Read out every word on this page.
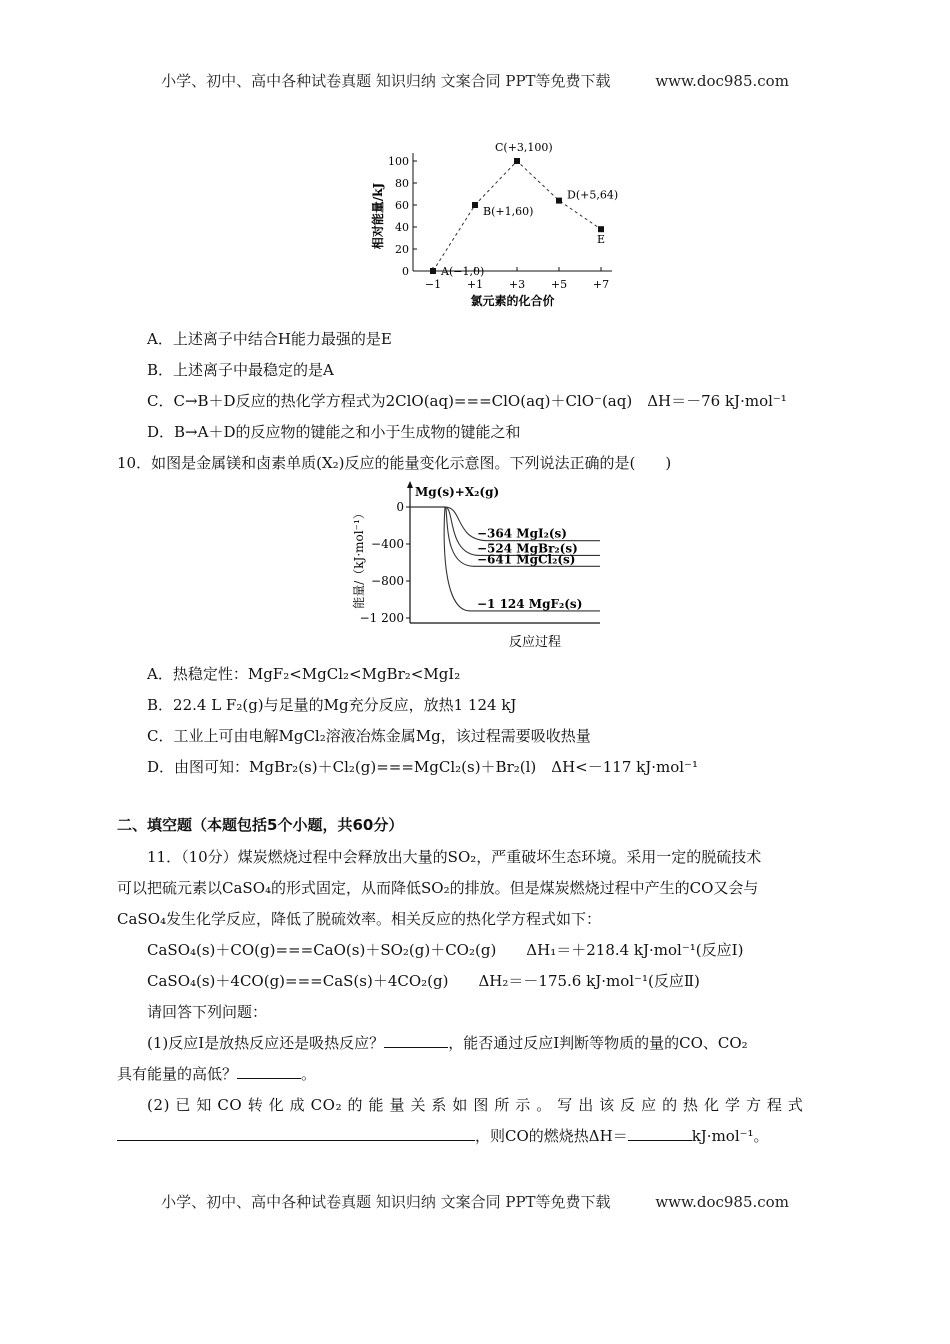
小学、初中、高中各种试卷真题 知识归纳 文案合同 PPT等免费下载	www.doc985.com
0
20
40
60
80
100
−1 +1 +3 +5 +7
氯元素的化合价
相对能量/kJ
A(−1,0)
B(+1,60)
C(+3,100)
D(+5,64)
E
A．上述离子中结合H能力最强的是E
B．上述离子中最稳定的是A
C．C→B＋D反应的热化学方程式为2ClO(aq)===ClO(aq)＋ClO⁻(aq)　ΔH＝－76 kJ·mol⁻¹
D．B→A＋D的反应物的键能之和小于生成物的键能之和
10．如图是金属镁和卤素单质(X₂)反应的能量变化示意图。下列说法正确的是(　　)
0
−400
−800
−1 200
能量/（kJ·mol⁻¹）
Mg(s)+X₂(g)
反应过程
−364 MgI₂(s)
−524 MgBr₂(s)
−641 MgCl₂(s)
−1 124 MgF₂(s)
A．热稳定性：MgF₂<MgCl₂<MgBr₂<MgI₂
B．22.4 L F₂(g)与足量的Mg充分反应，放热1 124 kJ
C．工业上可由电解MgCl₂溶液冶炼金属Mg，该过程需要吸收热量
D．由图可知：MgBr₂(s)＋Cl₂(g)===MgCl₂(s)＋Br₂(l)　ΔH<－117 kJ·mol⁻¹
二、填空题（本题包括5个小题，共60分）
11．（10分）煤炭燃烧过程中会释放出大量的SO₂，严重破坏生态环境。采用一定的脱硫技术
可以把硫元素以CaSO₄的形式固定，从而降低SO₂的排放。但是煤炭燃烧过程中产生的CO又会与
CaSO₄发生化学反应，降低了脱硫效率。相关反应的热化学方程式如下：
CaSO₄(s)＋CO(g)===CaO(s)＋SO₂(g)＋CO₂(g)　　ΔH₁＝＋218.4 kJ·mol⁻¹(反应Ⅰ)
CaSO₄(s)＋4CO(g)===CaS(s)＋4CO₂(g)　　ΔH₂＝－175.6 kJ·mol⁻¹(反应Ⅱ)
请回答下列问题：
(1)反应Ⅰ是放热反应还是吸热反应？	，能否通过反应Ⅰ判断等物质的量的CO、CO₂
具有能量的高低？	。
(2) 已 知 CO 转 化 成 CO₂ 的 能 量 关 系 如 图 所 示 。 写 出 该 反 应 的 热 化 学 方 程 式
，则CO的燃烧热ΔH＝	kJ·mol⁻¹。
小学、初中、高中各种试卷真题 知识归纳 文案合同 PPT等免费下载	www.doc985.com
